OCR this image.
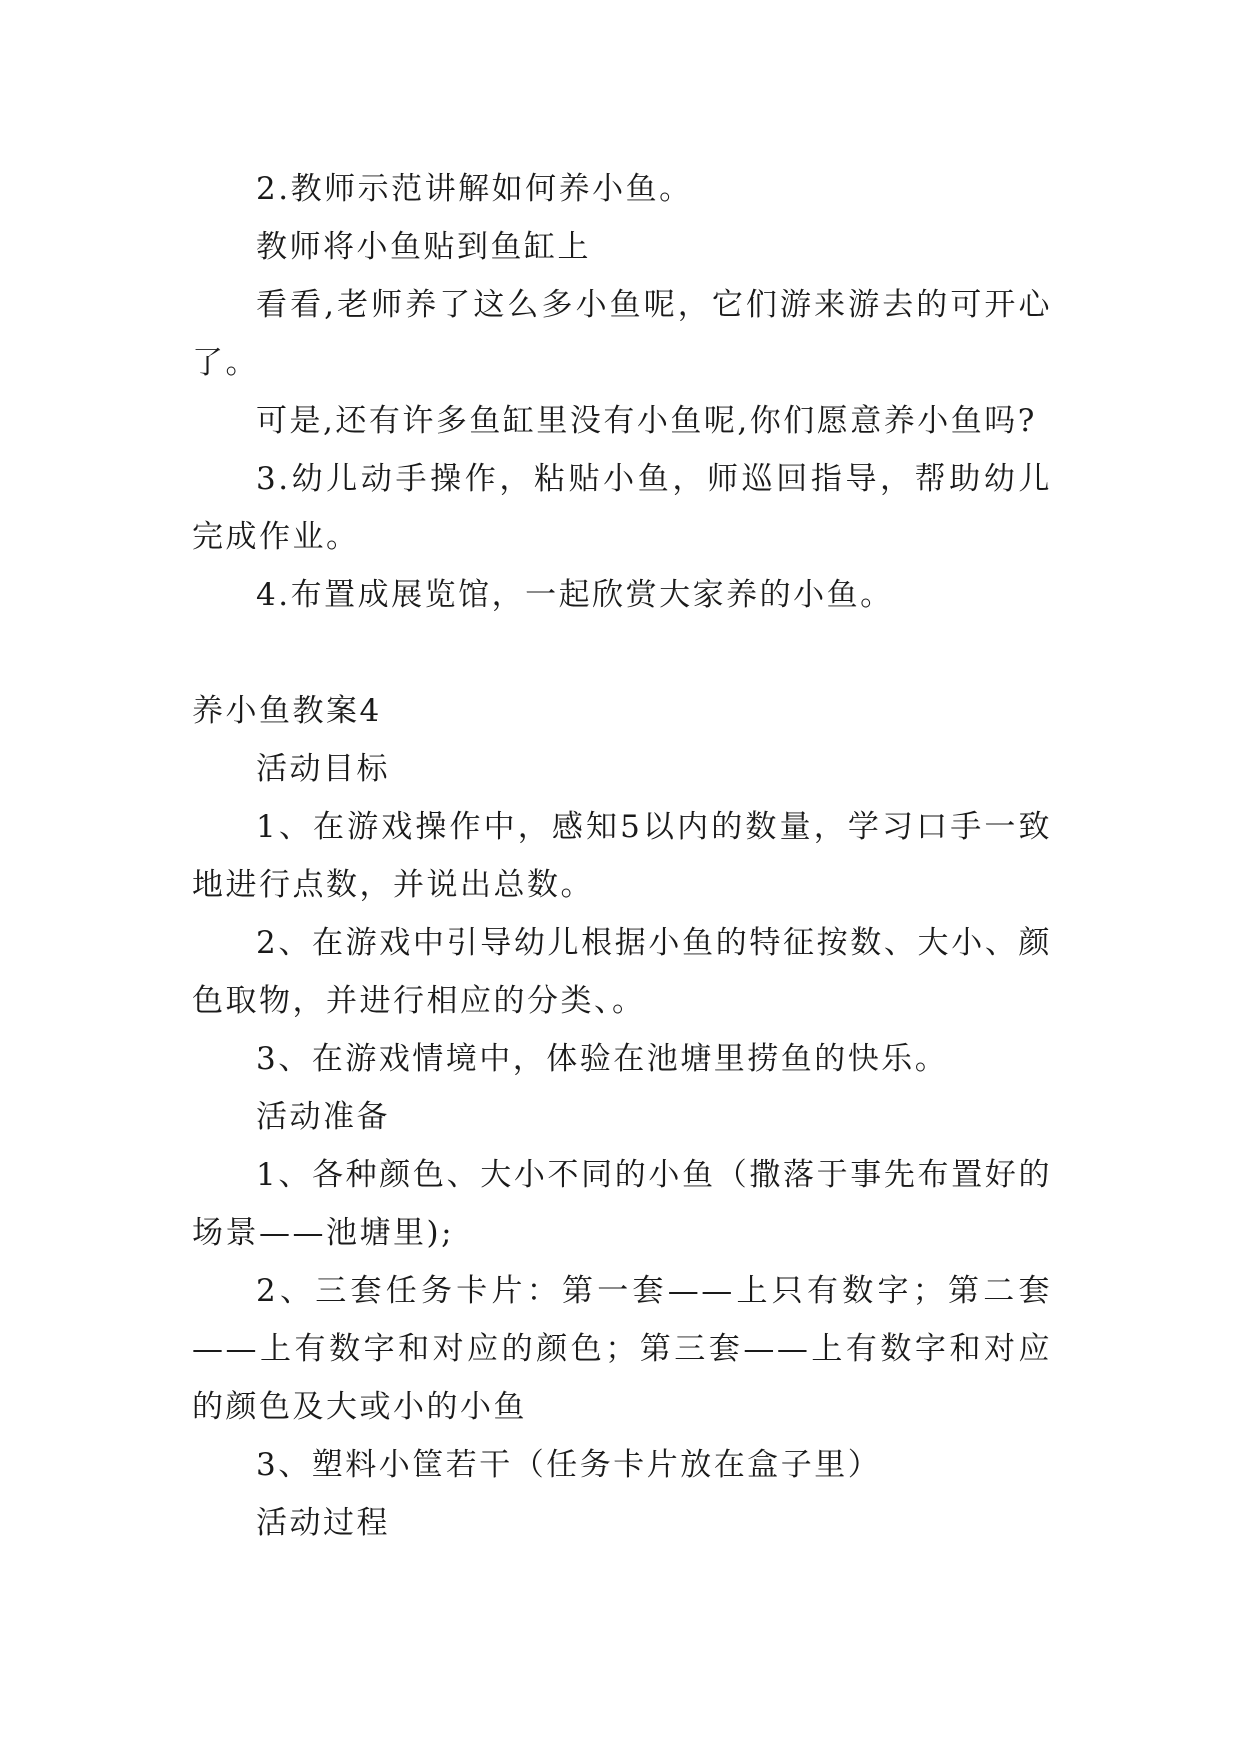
2.教师示范讲解如何养小鱼。

教师将小鱼贴到鱼缸上

看看,老师养了这么多小鱼呢，它们游来游去的可开心了。

可是,还有许多鱼缸里没有小鱼呢,你们愿意养小鱼吗?

3.幼儿动手操作，粘贴小鱼，师巡回指导，帮助幼儿完成作业。

4.布置成展览馆，一起欣赏大家养的小鱼。

养小鱼教案4

活动目标

1、在游戏操作中，感知5以内的数量，学习口手一致地进行点数，并说出总数。

2、在游戏中引导幼儿根据小鱼的特征按数、大小、颜色取物，并进行相应的分类、。

3、在游戏情境中，体验在池塘里捞鱼的快乐。

活动准备

1、各种颜色、大小不同的小鱼（撒落于事先布置好的场景——池塘里);

2、三套任务卡片：第一套——上只有数字；第二套——上有数字和对应的颜色；第三套——上有数字和对应的颜色及大或小的小鱼

3、塑料小筐若干（任务卡片放在盒子里）

活动过程
